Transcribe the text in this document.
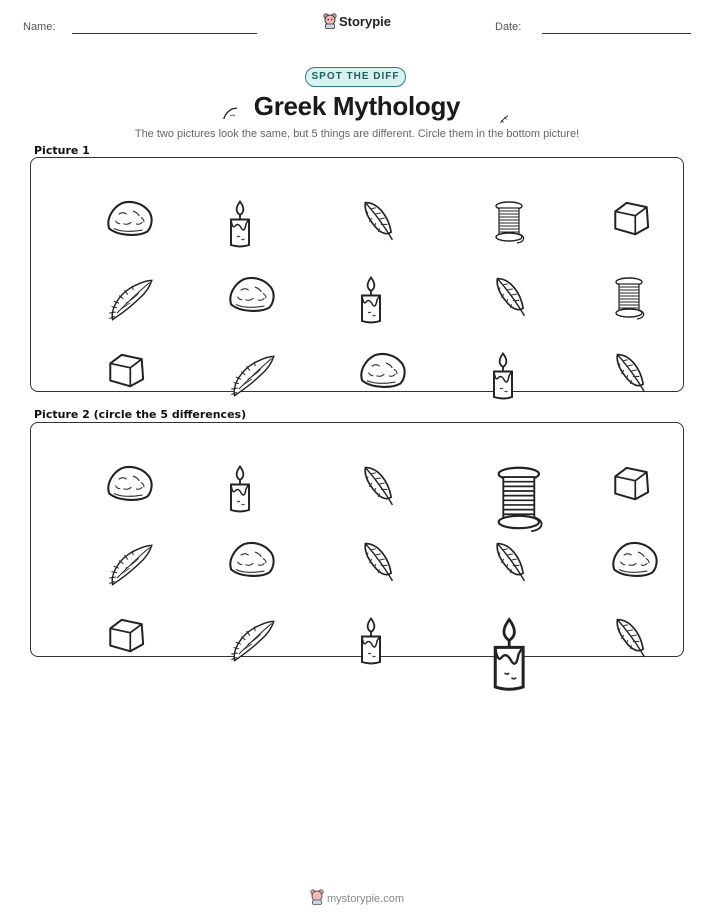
Name:	Storypie	Date:
SPOT THE DIFF
Greek Mythology
The two pictures look the same, but 5 things are different. Circle them in the bottom picture!
Picture 1
Picture 2 (circle the 5 differences)
mystorypie.com
